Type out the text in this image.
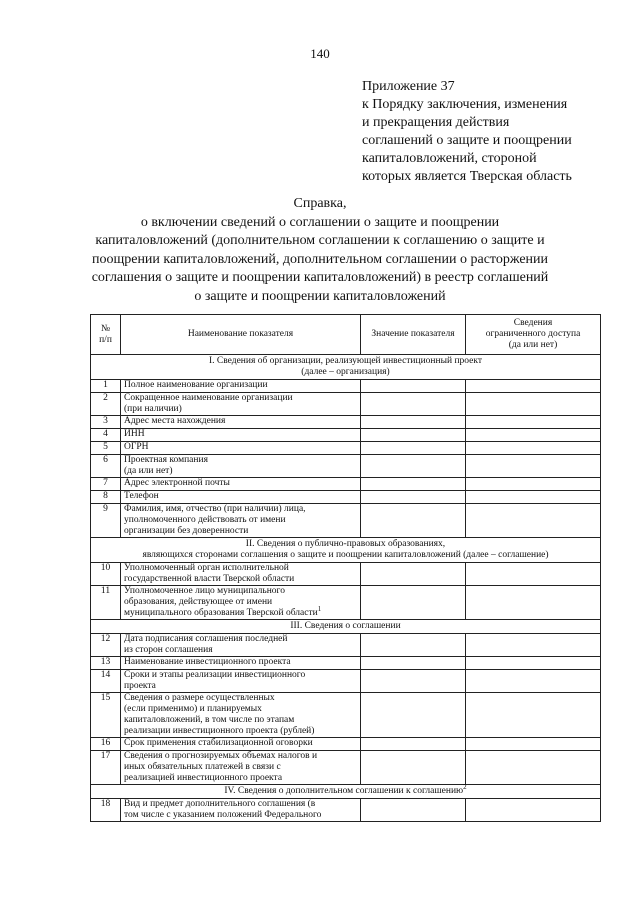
140
Приложение 37
к Порядку заключения, изменения
и прекращения действия
соглашений о защите и поощрении
капиталовложений, стороной
которых является Тверская область
Справка,
о включении сведений о соглашении о защите и поощрении
капиталовложений (дополнительном соглашении к соглашению о защите и
поощрении капиталовложений, дополнительном соглашении о расторжении
соглашения о защите и поощрении капиталовложений) в реестр соглашений
о защите и поощрении капиталовложений
№
п/п	Наименование показателя	Значение показателя	Сведения
ограниченного доступа
(да или нет)

I. Сведения об организации, реализующей инвестиционный проект
(далее – организация)			

1	Полное наименование организации		

2	Сокращенное наименование организации
(при наличии)		

3	Адрес места нахождения		

4	ИНН		

5	ОГРН		

6	Проектная компания
(да или нет)		

7	Адрес электронной почты		

8	Телефон		

9	Фамилия, имя, отчество (при наличии) лица,
уполномоченного действовать от имени
организации без доверенности		

II. Сведения о публично-правовых образованиях,
являющихся сторонами соглашения о защите и поощрении капиталовложений (далее – соглашение)			

10	Уполномоченный орган исполнительной
государственной власти Тверской области		

11	Уполномоченное лицо муниципального
образования, действующее от имени
муниципального образования Тверской области$^1$

III. Сведения о соглашении			

12	Дата подписания соглашения последней
из сторон соглашения		

13	Наименование инвестиционного проекта		

14	Сроки и этапы реализации инвестиционного
проекта		

15	Сведения о размере осуществленных
(если применимо) и планируемых
капиталовложений, в том числе по этапам
реализации инвестиционного проекта (рублей)		

16	Срок применения стабилизационной оговорки		

17	Сведения о прогнозируемых объемах налогов и
иных обязательных платежей в связи с
реализацией инвестиционного проекта		

IV. Сведения о дополнительном соглашении к соглашению$^2$

18	Вид и предмет дополнительного соглашения (в
том числе с указанием положений Федерального		
